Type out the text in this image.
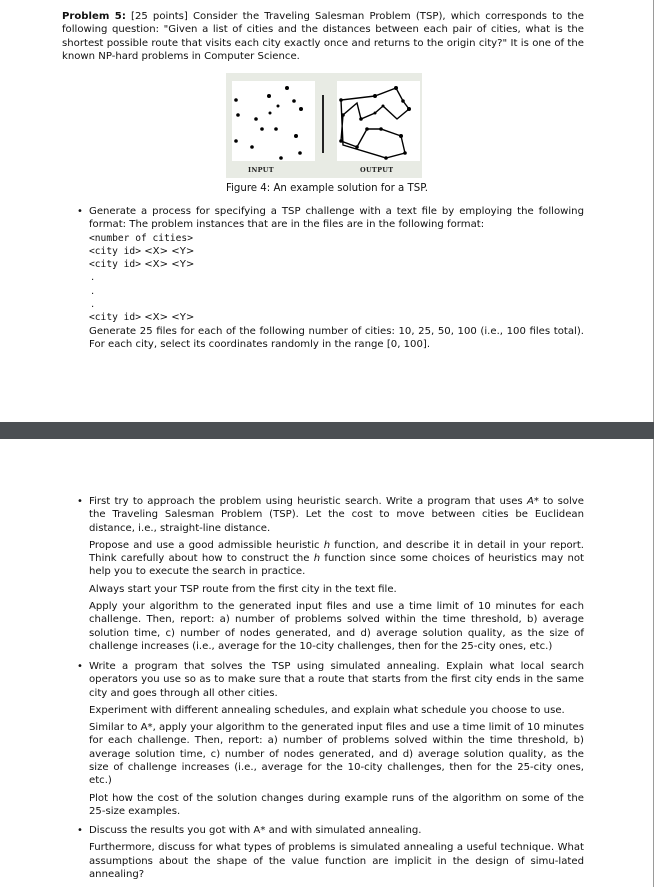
Problem 5: [25 points] Consider the Traveling Salesman Problem (TSP), which corresponds to the following question: "Given a list of cities and the distances between each pair of cities, what is the shortest possible route that visits each city exactly once and returns to the origin city?" It is one of the known NP-hard problems in Computer Science.
INPUT	OUTPUT
Figure 4: An example solution for a TSP.
• Generate a process for specifying a TSP challenge with a text file by employing the following format: The problem instances that are in the files are in the following format:
<number of cities>
<city id> <X> <Y>
<city id> <X> <Y>
.
.
.
<city id> <X> <Y>
Generate 25 files for each of the following number of cities: 10, 25, 50, 100 (i.e., 100 files total). For each city, select its coordinates randomly in the range [0, 100].
• First try to approach the problem using heuristic search. Write a program that uses A* to solve the Traveling Salesman Problem (TSP). Let the cost to move between cities be Euclidean distance, i.e., straight-line distance.
Propose and use a good admissible heuristic h function, and describe it in detail in your report. Think carefully about how to construct the h function since some choices of heuristics may not help you to execute the search in practice.
Always start your TSP route from the first city in the text file.
Apply your algorithm to the generated input files and use a time limit of 10 minutes for each challenge. Then, report: a) number of problems solved within the time threshold, b) average solution time, c) number of nodes generated, and d) average solution quality, as the size of challenge increases (i.e., average for the 10-city challenges, then for the 25-city ones, etc.)
• Write a program that solves the TSP using simulated annealing. Explain what local search operators you use so as to make sure that a route that starts from the first city ends in the same city and goes through all other cities.
Experiment with different annealing schedules, and explain what schedule you choose to use.
Similar to A*, apply your algorithm to the generated input files and use a time limit of 10 minutes for each challenge. Then, report: a) number of problems solved within the time threshold, b) average solution time, c) number of nodes generated, and d) average solution quality, as the size of challenge increases (i.e., average for the 10-city challenges, then for the 25-city ones, etc.)
Plot how the cost of the solution changes during example runs of the algorithm on some of the 25-size examples.
• Discuss the results you got with A* and with simulated annealing.
Furthermore, discuss for what types of problems is simulated annealing a useful technique. What assumptions about the shape of the value function are implicit in the design of simu-lated annealing?
